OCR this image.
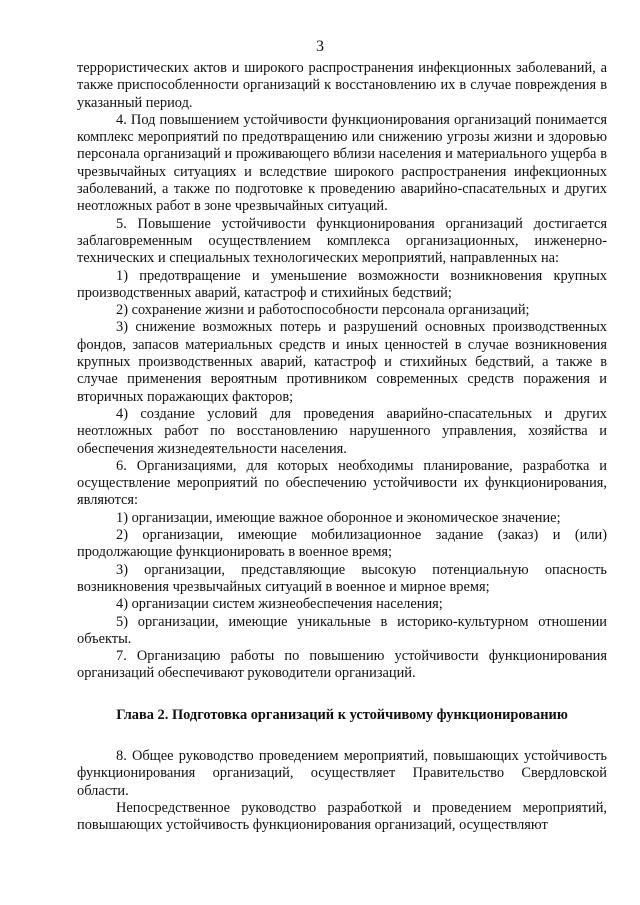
3

террористических актов и широкого распространения инфекционных заболеваний, а также приспособленности организаций к восстановлению их в случае повреждения в указанный период.

4. Под повышением устойчивости функционирования организаций понимается комплекс мероприятий по предотвращению или снижению угрозы жизни и здоровью персонала организаций и проживающего вблизи населения и материального ущерба в чрезвычайных ситуациях и вследствие широкого распространения инфекционных заболеваний, а также по подготовке к проведению аварийно-спасательных и других неотложных работ в зоне чрезвычайных ситуаций.

5. Повышение устойчивости функционирования организаций достигается заблаговременным осуществлением комплекса организационных, инженерно-технических и специальных технологических мероприятий, направленных на:

1) предотвращение и уменьшение возможности возникновения крупных производственных аварий, катастроф и стихийных бедствий;

2) сохранение жизни и работоспособности персонала организаций;

3) снижение возможных потерь и разрушений основных производственных фондов, запасов материальных средств и иных ценностей в случае возникновения крупных производственных аварий, катастроф и стихийных бедствий, а также в случае применения вероятным противником современных средств поражения и вторичных поражающих факторов;

4) создание условий для проведения аварийно-спасательных и других неотложных работ по восстановлению нарушенного управления, хозяйства и обеспечения жизнедеятельности населения.

6. Организациями, для которых необходимы планирование, разработка и осуществление мероприятий по обеспечению устойчивости их функционирования, являются:

1) организации, имеющие важное оборонное и экономическое значение;

2) организации, имеющие мобилизационное задание (заказ) и (или) продолжающие функционировать в военное время;

3) организации, представляющие высокую потенциальную опасность возникновения чрезвычайных ситуаций в военное и мирное время;

4) организации систем жизнеобеспечения населения;

5) организации, имеющие уникальные в историко-культурном отношении объекты.

7. Организацию работы по повышению устойчивости функционирования организаций обеспечивают руководители организаций.

Глава 2. Подготовка организаций к устойчивому функционированию

8. Общее руководство проведением мероприятий, повышающих устойчивость функционирования организаций, осуществляет Правительство Свердловской области.

Непосредственное руководство разработкой и проведением мероприятий, повышающих устойчивость функционирования организаций, осуществляют
